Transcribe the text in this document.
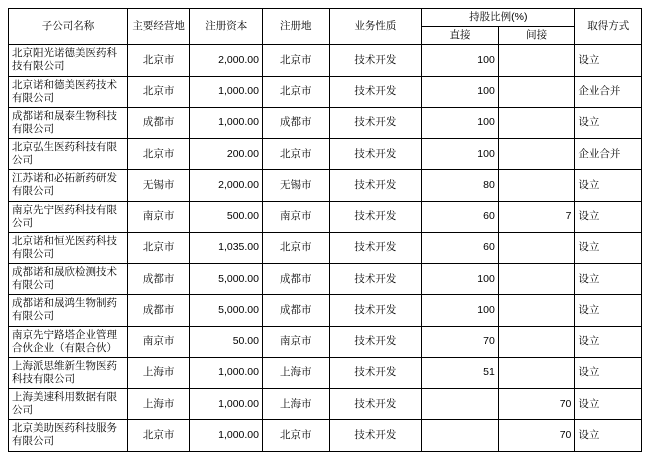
子公司名称	主要经营地	注册资本	注册地	业务性质	持股比例(%)		取得方式
					直接	间接	
北京阳光诺德美医药科技有限公司	北京市	2,000.00	北京市	技术开发	100		设立
北京诺和德美医药技术有限公司	北京市	1,000.00	北京市	技术开发	100		企业合并
成都诺和晟泰生物科技有限公司	成都市	1,000.00	成都市	技术开发	100		设立
北京弘生医药科技有限公司	北京市	200.00	北京市	技术开发	100		企业合并
江苏诺和必拓新药研发有限公司	无锡市	2,000.00	无锡市	技术开发	80		设立
南京先宁医药科技有限公司	南京市	500.00	南京市	技术开发	60	7	设立
北京诺和恒光医药科技有限公司	北京市	1,035.00	北京市	技术开发	60		设立
成都诺和晟欣检测技术有限公司	成都市	5,000.00	成都市	技术开发	100		设立
成都诺和晟鸿生物制药有限公司	成都市	5,000.00	成都市	技术开发	100		设立
南京先宁路塔企业管理合伙企业（有限合伙）	南京市	50.00	南京市	技术开发	70		设立
上海派思维新生物医药科技有限公司	上海市	1,000.00	上海市	技术开发	51		设立
上海美速科用数据有限公司	上海市	1,000.00	上海市	技术开发		70	设立
北京美助医药科技服务有限公司	北京市	1,000.00	北京市	技术开发		70	设立
